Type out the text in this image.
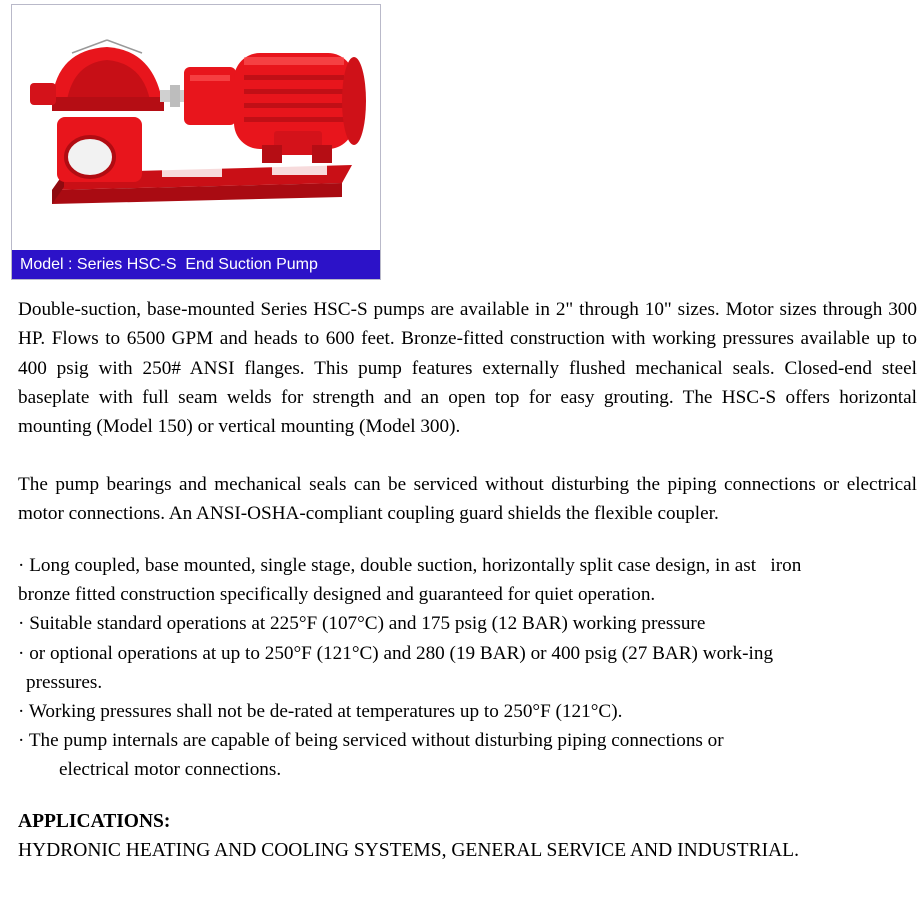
Model : Series HSC-S  End Suction Pump

Double-suction, base-mounted Series HSC-S pumps are available in 2" through 10" sizes. Motor sizes through 300 HP. Flows to 6500 GPM and heads to 600 feet. Bronze-fitted construction with working pressures available up to 400 psig with 250# ANSI flanges. This pump features externally flushed mechanical seals. Closed-end steel baseplate with full seam welds for strength and an open top for easy grouting. The HSC-S offers horizontal mounting (Model 150) or vertical mounting (Model 300).

The pump bearings and mechanical seals can be serviced without disturbing the piping connections or electrical motor connections. An ANSI-OSHA-compliant coupling guard shields the flexible coupler.

· Long coupled, base mounted, single stage, double suction, horizontally split case design, in ast   iron
bronze fitted construction specifically designed and guaranteed for quiet operation.
· Suitable standard operations at 225°F (107°C) and 175 psig (12 BAR) working pressure
· or optional operations at up to 250°F (121°C) and 280 (19 BAR) or 400 psig (27 BAR) work-ing
pressures.
· Working pressures shall not be de-rated at temperatures up to 250°F (121°C).
· The pump internals are capable of being serviced without disturbing piping connections or
electrical motor connections.
APPLICATIONS:

HYDRONIC HEATING AND COOLING SYSTEMS, GENERAL SERVICE AND INDUSTRIAL.
